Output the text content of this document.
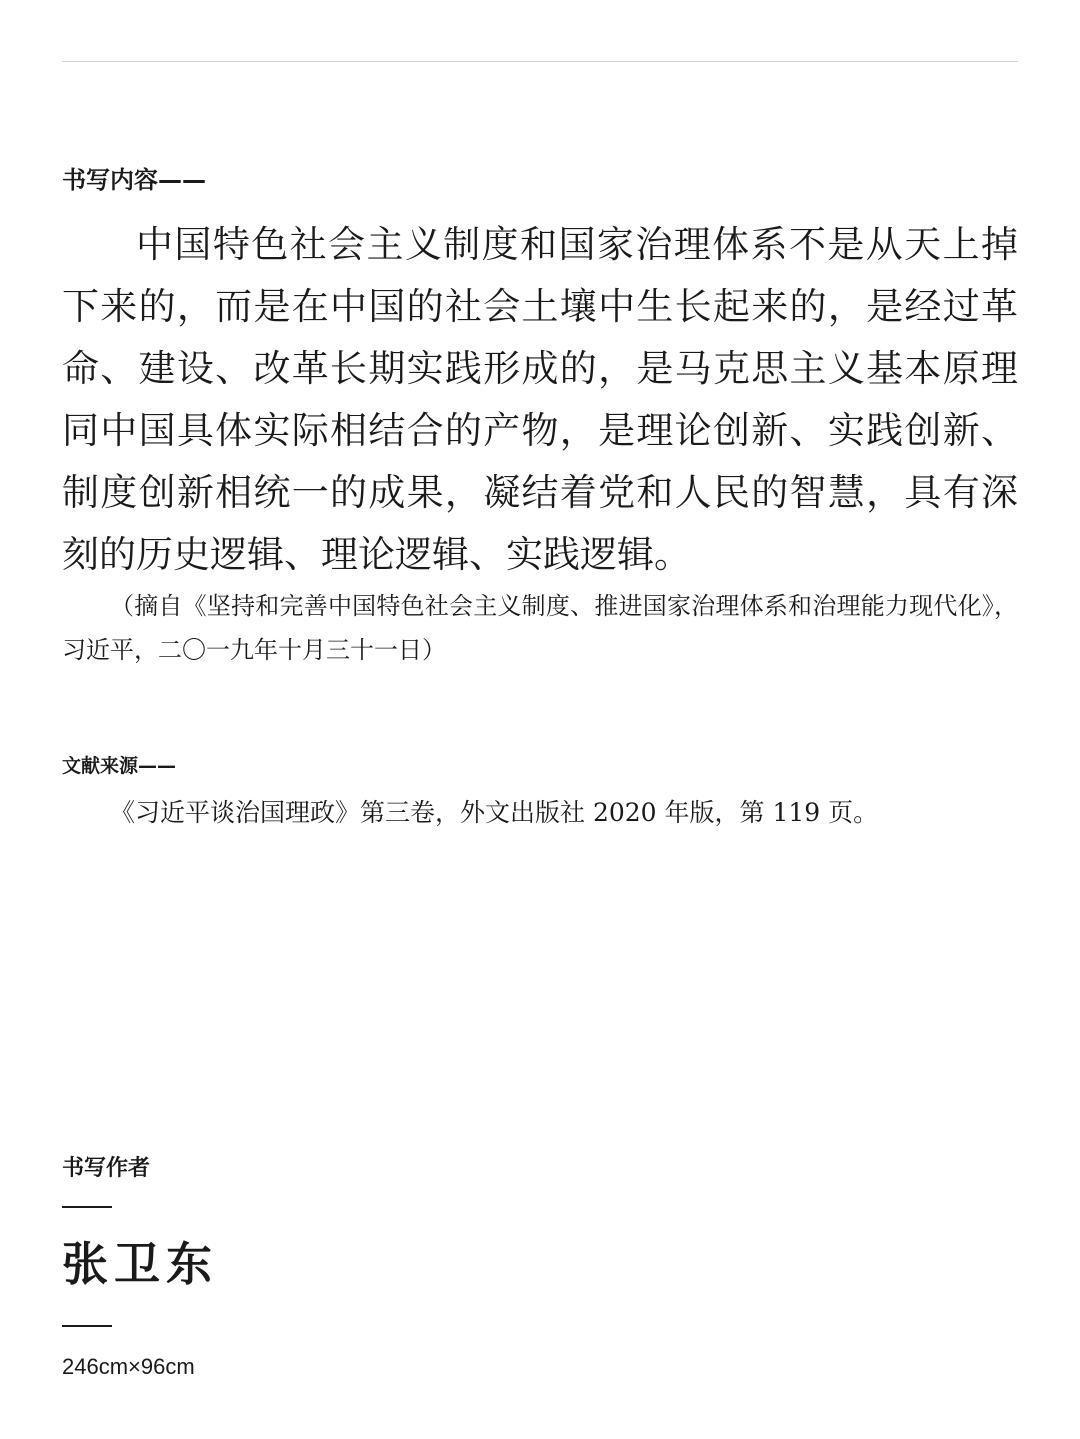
书写内容——

中国特色社会主义制度和国家治理体系不是从天上掉下来的，而是在中国的社会土壤中生长起来的，是经过革命、建设、改革长期实践形成的，是马克思主义基本原理同中国具体实际相结合的产物，是理论创新、实践创新、制度创新相统一的成果，凝结着党和人民的智慧，具有深刻的历史逻辑、理论逻辑、实践逻辑。

（摘自《坚持和完善中国特色社会主义制度、推进国家治理体系和治理能力现代化》，习近平，二〇一九年十月三十一日）

文献来源——

《习近平谈治国理政》第三卷，外文出版社 2020 年版，第 119 页。

书写作者

张卫东

246cm×96cm
